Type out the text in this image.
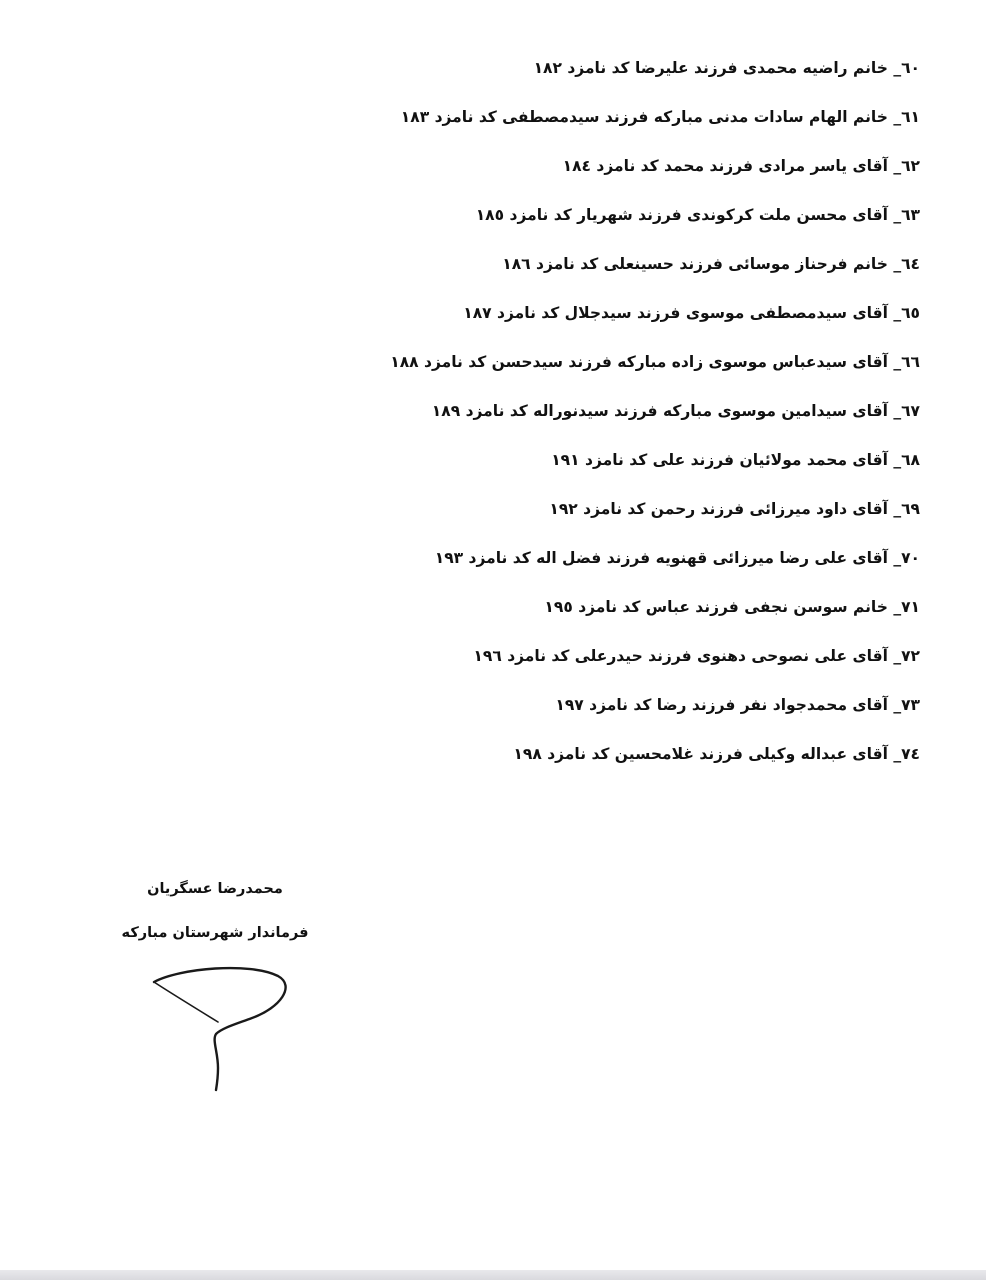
٦٠_ خانم راضیه محمدی فرزند علیرضا کد نامزد ۱۸۲
٦١_ خانم الهام سادات مدنی مبارکه فرزند سیدمصطفی کد نامزد ۱۸۳
٦٢_ آقای یاسر مرادی فرزند محمد کد نامزد ۱۸٤
٦٣_ آقای محسن ملت کرکوندی فرزند شهریار کد نامزد ۱۸٥
٦٤_ خانم فرحناز موسائی فرزند حسینعلی کد نامزد ۱۸٦
٦٥_ آقای سیدمصطفی موسوی فرزند سیدجلال کد نامزد ۱۸۷
٦٦_ آقای سیدعباس موسوی زاده مبارکه فرزند سیدحسن کد نامزد ۱۸۸
٦٧_ آقای سیدامین موسوی مبارکه فرزند سیدنوراله کد نامزد ۱۸۹
٦٨_ آقای محمد مولائیان فرزند علی کد نامزد ۱۹۱
٦٩_ آقای داود میرزائی فرزند رحمن کد نامزد ۱۹۲
٧٠_ آقای علی رضا میرزائی قهنویه فرزند فضل اله کد نامزد ۱۹۳
٧١_ خانم سوسن نجفی فرزند عباس کد نامزد ۱۹٥
٧٢_ آقای علی نصوحی دهنوی فرزند حیدرعلی کد نامزد ۱۹٦
٧٣_ آقای محمدجواد نفر فرزند رضا کد نامزد ۱۹۷
٧٤_ آقای عبداله وکیلی فرزند غلامحسین کد نامزد ۱۹۸
محمدرضا عسگریان
فرماندار شهرستان مبارکه
